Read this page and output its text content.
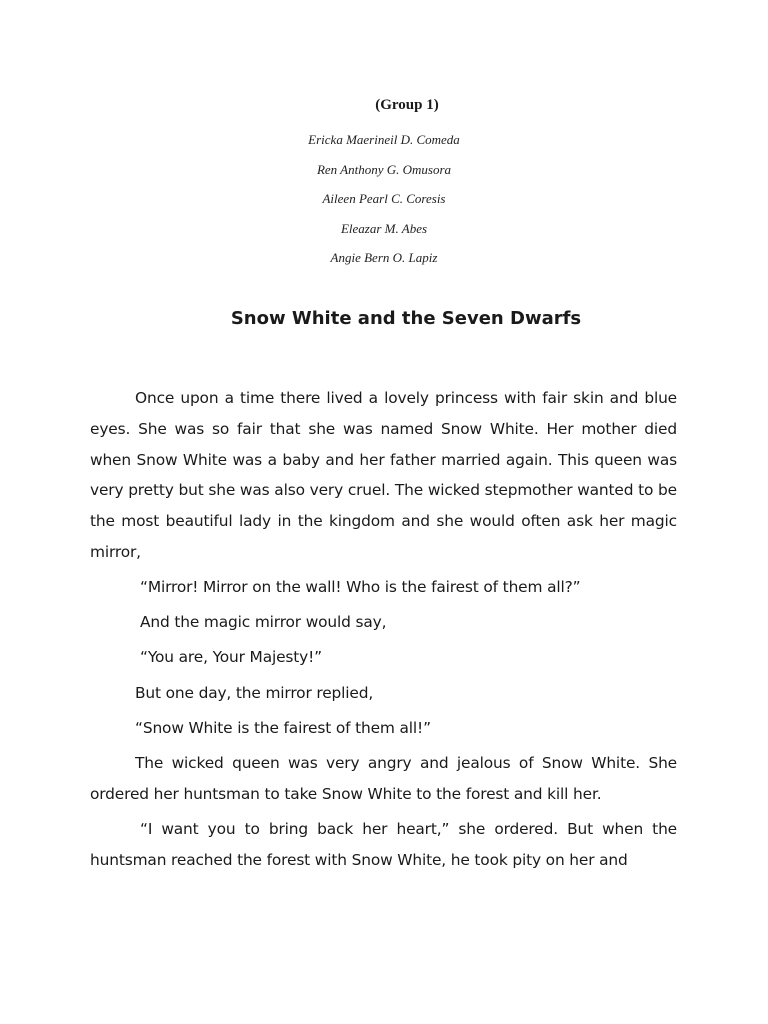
(Group 1)
Ericka Maerineil D. Comeda
Ren Anthony G. Omusora
Aileen Pearl C. Coresis
Eleazar M. Abes
Angie Bern O. Lapiz
Snow White and the Seven Dwarfs

Once upon a time there lived a lovely princess with fair skin and blue eyes. She was so fair that she was named Snow White. Her mother died when Snow White was a baby and her father married again. This queen was very pretty but she was also very cruel. The wicked stepmother wanted to be the most beautiful lady in the kingdom and she would often ask her magic mirror,

“Mirror! Mirror on the wall! Who is the fairest of them all?”

And the magic mirror would say,

“You are, Your Majesty!”

But one day, the mirror replied,

“Snow White is the fairest of them all!”

The wicked queen was very angry and jealous of Snow White. She ordered her huntsman to take Snow White to the forest and kill her.

“I want you to bring back her heart,” she ordered. But when the huntsman reached the forest with Snow White, he took pity on her and
